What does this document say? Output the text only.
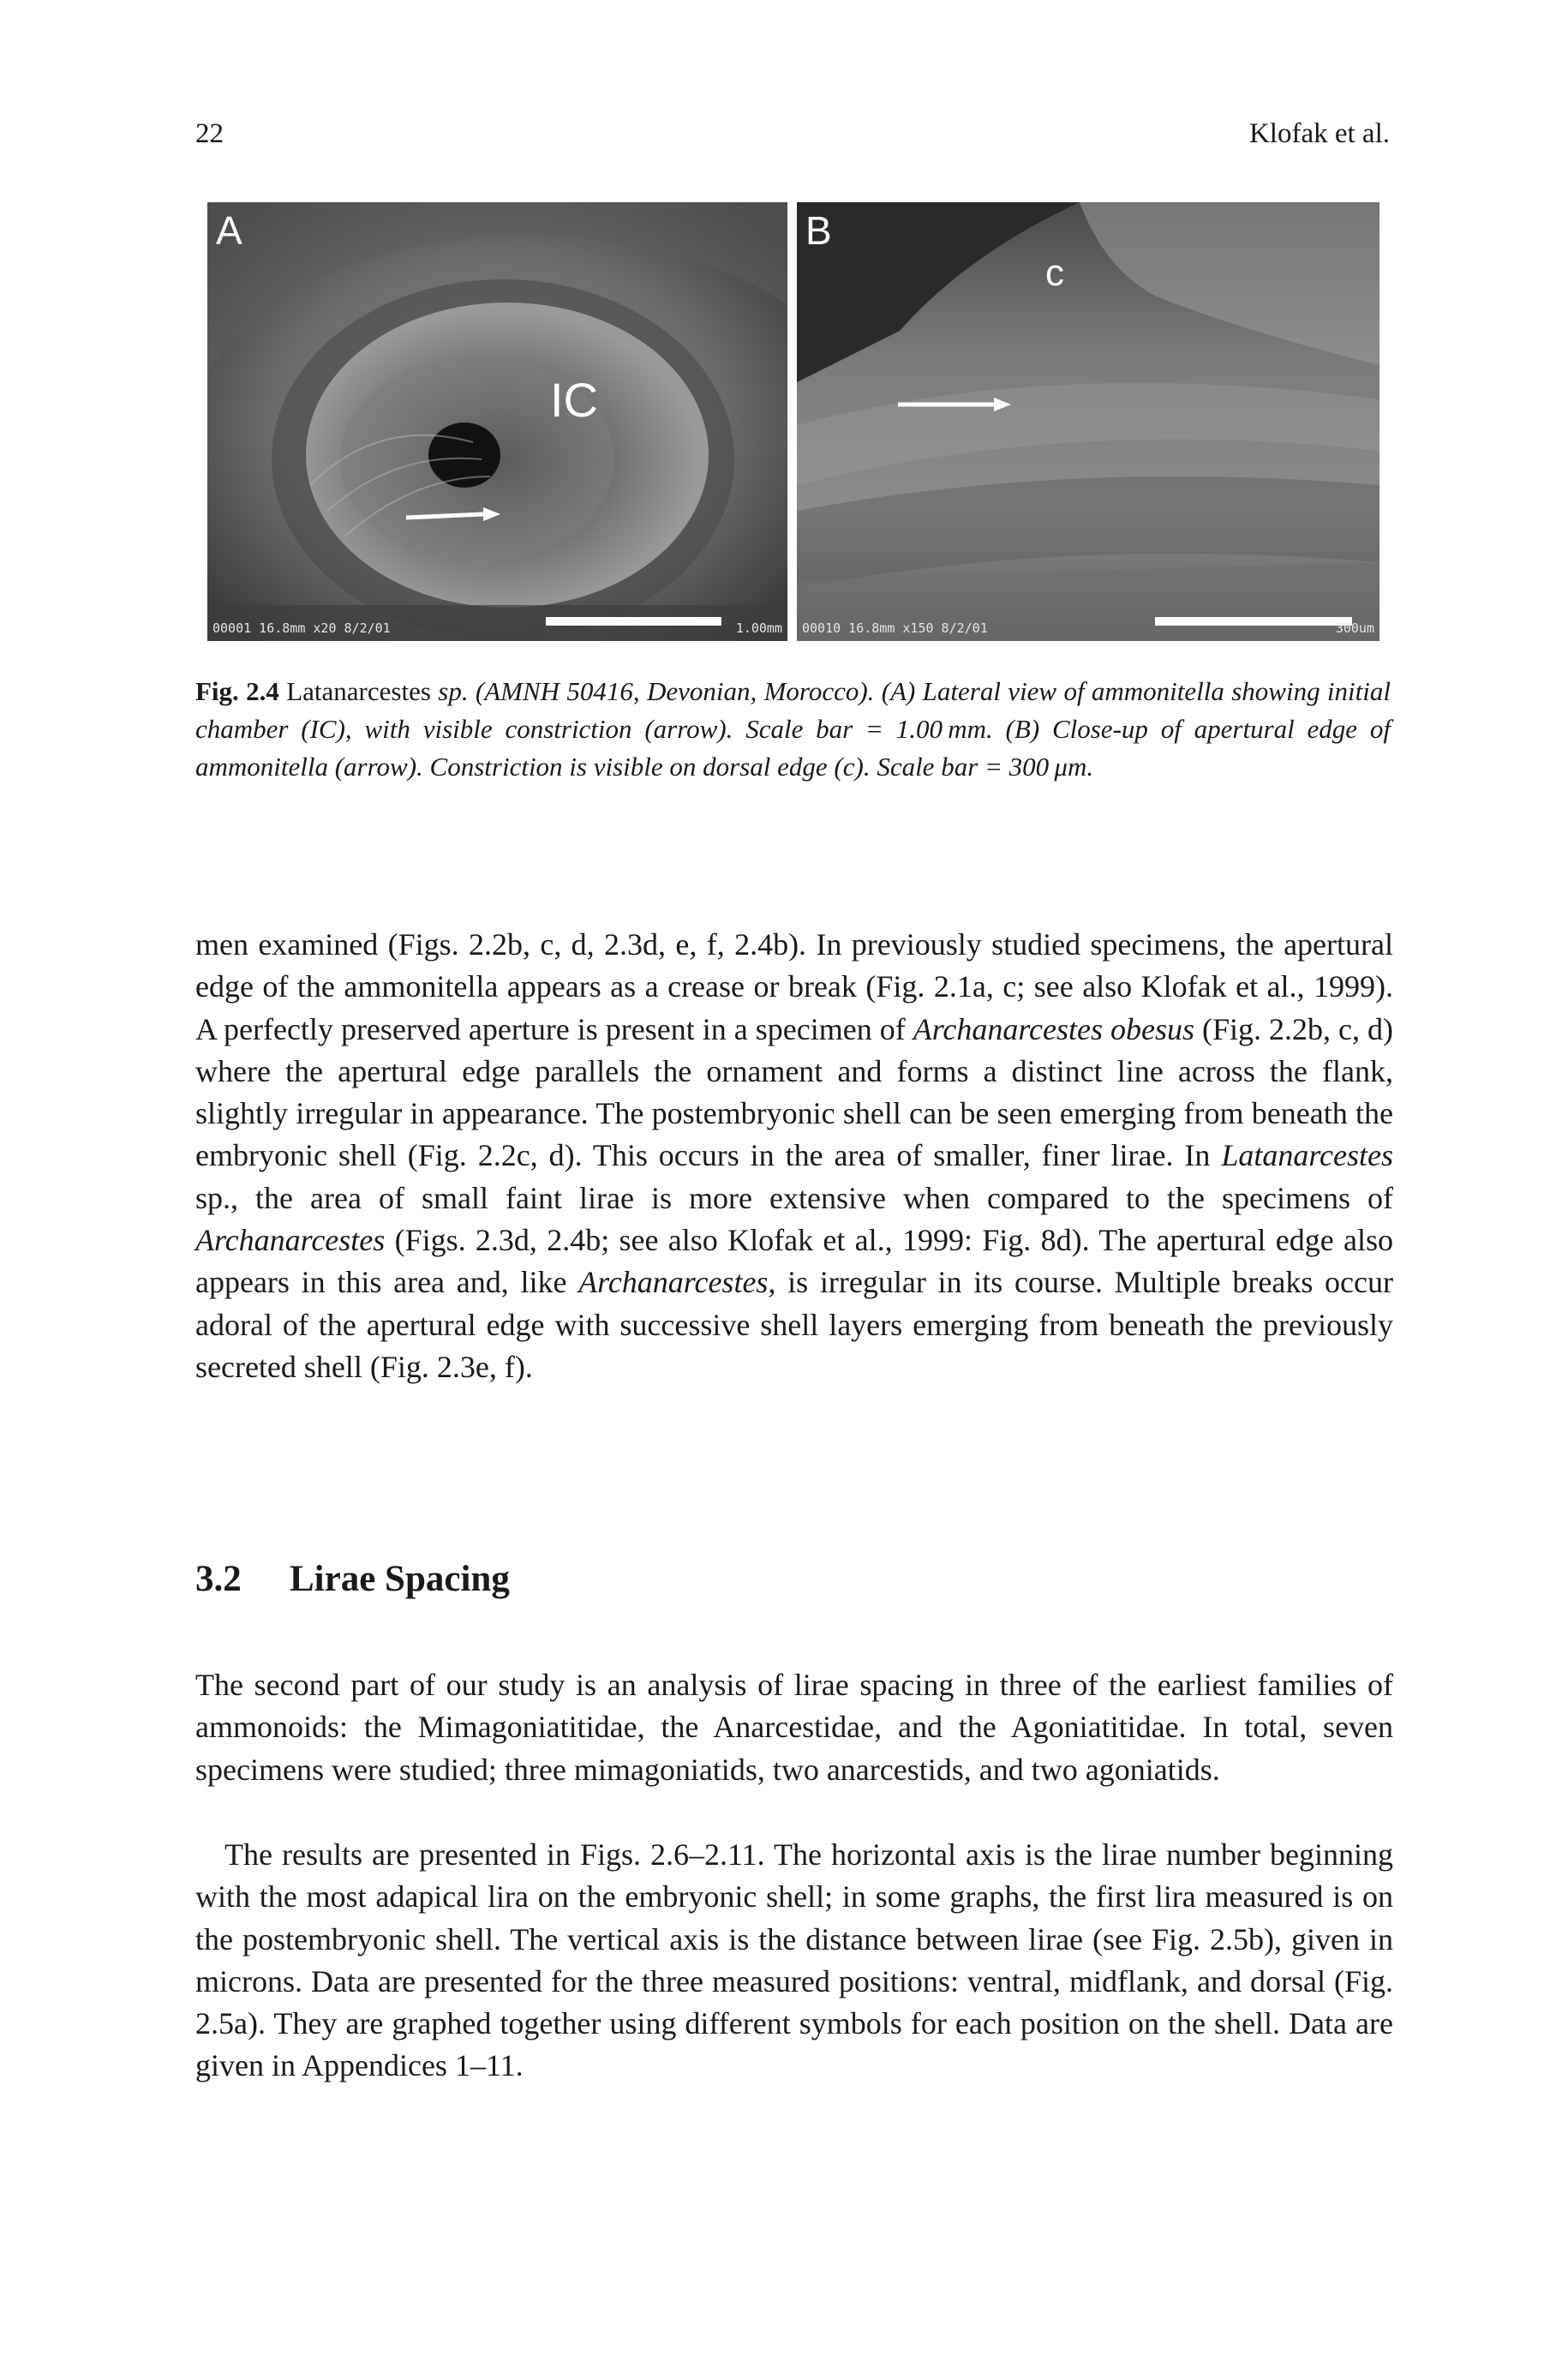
22	Klofak et al.
A
IC
00001 16.8mm x20 8/2/01	1.00mm
B
c
00010 16.8mm x150 8/2/01	300um
Fig. 2.4 Latanarcestes sp. (AMNH 50416, Devonian, Morocco). (A) Lateral view of ammonitella showing initial chamber (IC), with visible constriction (arrow). Scale bar = 1.00 mm. (B) Close-up of apertural edge of ammonitella (arrow). Constriction is visible on dorsal edge (c). Scale bar = 300 μm.
men examined (Figs. 2.2b, c, d, 2.3d, e, f, 2.4b). In previously studied specimens, the apertural edge of the ammonitella appears as a crease or break (Fig. 2.1a, c; see also Klofak et al., 1999). A perfectly preserved aperture is present in a specimen of Archanarcestes obesus (Fig. 2.2b, c, d) where the apertural edge parallels the ornament and forms a distinct line across the flank, slightly irregular in appearance. The postembryonic shell can be seen emerging from beneath the embryonic shell (Fig. 2.2c, d). This occurs in the area of smaller, finer lirae. In Latanarcestes sp., the area of small faint lirae is more extensive when compared to the specimens of Archanarcestes (Figs. 2.3d, 2.4b; see also Klofak et al., 1999: Fig. 8d). The apertural edge also appears in this area and, like Archanarcestes, is irregular in its course. Multiple breaks occur adoral of the apertural edge with successive shell layers emerging from beneath the previously secreted shell (Fig. 2.3e, f).
3.2 Lirae Spacing
The second part of our study is an analysis of lirae spacing in three of the earliest families of ammonoids: the Mimagoniatitidae, the Anarcestidae, and the Agoniatitidae. In total, seven specimens were studied; three mimagoniatids, two anarcestids, and two agoniatids.
The results are presented in Figs. 2.6–2.11. The horizontal axis is the lirae number beginning with the most adapical lira on the embryonic shell; in some graphs, the first lira measured is on the postembryonic shell. The vertical axis is the distance between lirae (see Fig. 2.5b), given in microns. Data are presented for the three measured positions: ventral, midflank, and dorsal (Fig. 2.5a). They are graphed together using different symbols for each position on the shell. Data are given in Appendices 1–11.
